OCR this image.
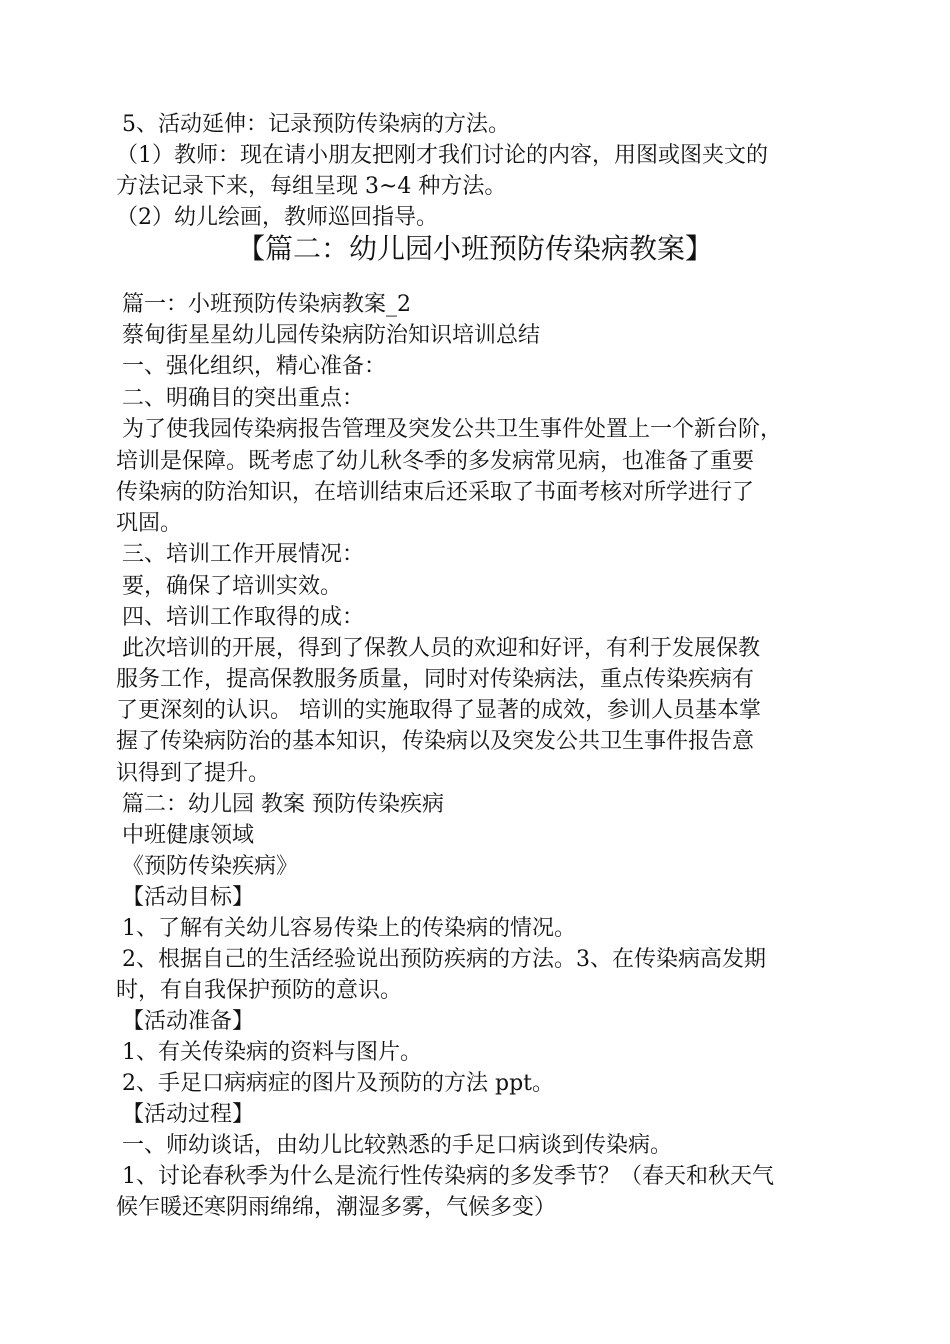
5、活动延伸：记录预防传染病的方法。
（1）教师：现在请小朋友把刚才我们讨论的内容，用图或图夹文的
方法记录下来，每组呈现 3~4 种方法。
（2）幼儿绘画，教师巡回指导。
【篇二：幼儿园小班预防传染病教案】
篇一：小班预防传染病教案_2
蔡甸街星星幼儿园传染病防治知识培训总结
一、强化组织，精心准备：
二、明确目的突出重点：
为了使我园传染病报告管理及突发公共卫生事件处置上一个新台阶，
培训是保障。既考虑了幼儿秋冬季的多发病常见病，也准备了重要
传染病的防治知识，在培训结束后还采取了书面考核对所学进行了
巩固。
三、培训工作开展情况：
要，确保了培训实效。
四、培训工作取得的成：
此次培训的开展，得到了保教人员的欢迎和好评，有利于发展保教
服务工作，提高保教服务质量，同时对传染病法，重点传染疾病有
了更深刻的认识。 培训的实施取得了显著的成效，参训人员基本掌
握了传染病防治的基本知识，传染病以及突发公共卫生事件报告意
识得到了提升。
篇二：幼儿园 教案 预防传染疾病
中班健康领域
《预防传染疾病》
【活动目标】
1、了解有关幼儿容易传染上的传染病的情况。
2、根据自己的生活经验说出预防疾病的方法。3、在传染病高发期
时，有自我保护预防的意识。
【活动准备】
1、有关传染病的资料与图片。
2、手足口病病症的图片及预防的方法 ppt。
【活动过程】
一、师幼谈话，由幼儿比较熟悉的手足口病谈到传染病。
1、讨论春秋季为什么是流行性传染病的多发季节？（春天和秋天气
候乍暖还寒阴雨绵绵，潮湿多雾，气候多变）
